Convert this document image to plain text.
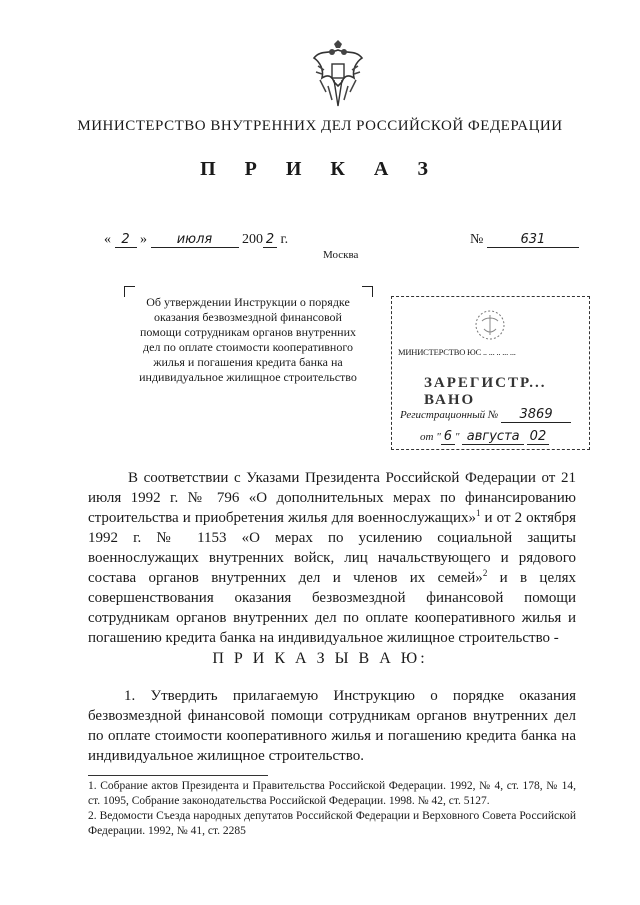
МИНИСТЕРСТВО ВНУТРЕННИХ ДЕЛ РОССИЙСКОЙ ФЕДЕРАЦИИ
П Р И К А З
« 2 » июля 200 2 г.	№	631
Москва
Об утверждении Инструкции о порядке оказания безвозмездной финансовой помощи сотрудникам органов внутренних дел по оплате стоимости кооперативного жилья и погашения кредита банка на индивидуальное жилищное строительство
МИНИСТЕРСТВО ЮС .. ... .. ... ...
ЗАРЕГИСТР... ВАНО
Регистрационный № 3869
от " 6 " августа 02
В соответствии с Указами Президента Российской Федерации от 21 июля 1992 г. № 796 «О дополнительных мерах по финансированию строительства и приобретения жилья для военнослужащих»$^1$ и от 2 октября 1992 г. № 1153 «О мерах по усилению социальной защиты военнослужащих внутренних войск, лиц начальствующего и рядового состава органов внутренних дел и членов их семей»$^2$ и в целях совершенствования оказания безвозмездной финансовой помощи сотрудникам органов внутренних дел по оплате кооперативного жилья и погашению кредита банка на индивидуальное жилищное строительство -
П Р И К А З Ы В А Ю:
1. Утвердить прилагаемую Инструкцию о порядке оказания безвозмездной финансовой помощи сотрудникам органов внутренних дел по оплате стоимости кооперативного жилья и погашению кредита банка на индивидуальное жилищное строительство.

1. Собрание актов Президента и Правительства Российской Федерации. 1992, № 4, ст. 178, № 14, ст. 1095, Собрание законодательства Российской Федерации. 1998. № 42, ст. 5127.

2. Ведомости Съезда народных депутатов Российской Федерации и Верховного Совета Российской Федерации. 1992, № 41, ст. 2285
